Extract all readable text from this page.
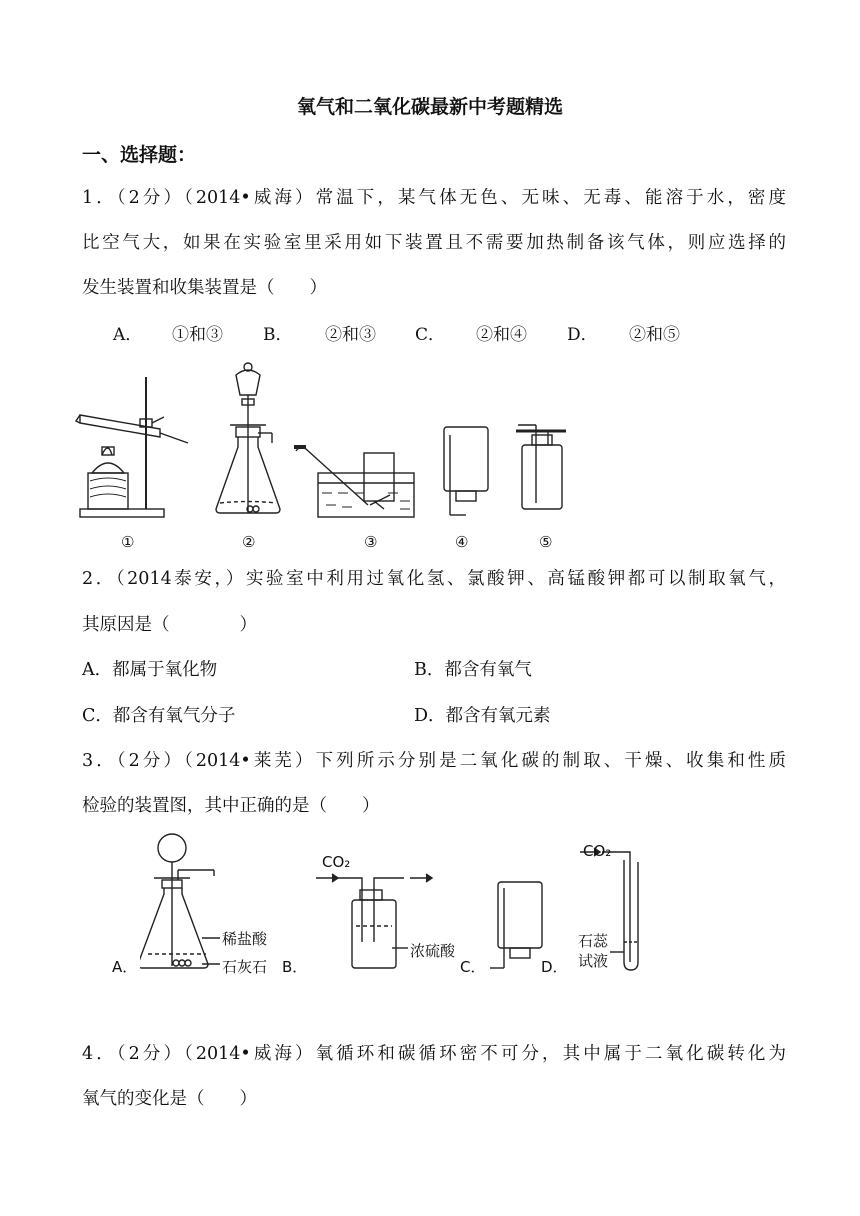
氧气和二氧化碳最新中考题精选
一、选择题：
1．（2分）（2014•威海）常温下，某气体无色、无味、无毒、能溶于水，密度
比空气大，如果在实验室里采用如下装置且不需要加热制备该气体，则应选择的
发生装置和收集装置是（　　）
A． ①和③ B． ②和③ C． ②和④ D． ②和⑤
①	②	③	④	⑤
2．（2014泰安，）实验室中利用过氧化氢、氯酸钾、高锰酸钾都可以制取氧气，
其原因是（　　　　）
A．都属于氧化物	B．都含有氧气
C．都含有氧气分子	D．都含有氧元素
3．（2分）（2014•莱芜）下列所示分别是二氧化碳的制取、干燥、收集和性质
检验的装置图，其中正确的是（　　）
A．
稀盐酸
石灰石 B．
CO₂
浓硫酸
C．	D．
CO₂
石蕊
试液
4．（2分）（2014•威海）氧循环和碳循环密不可分，其中属于二氧化碳转化为
氧气的变化是（　　）
